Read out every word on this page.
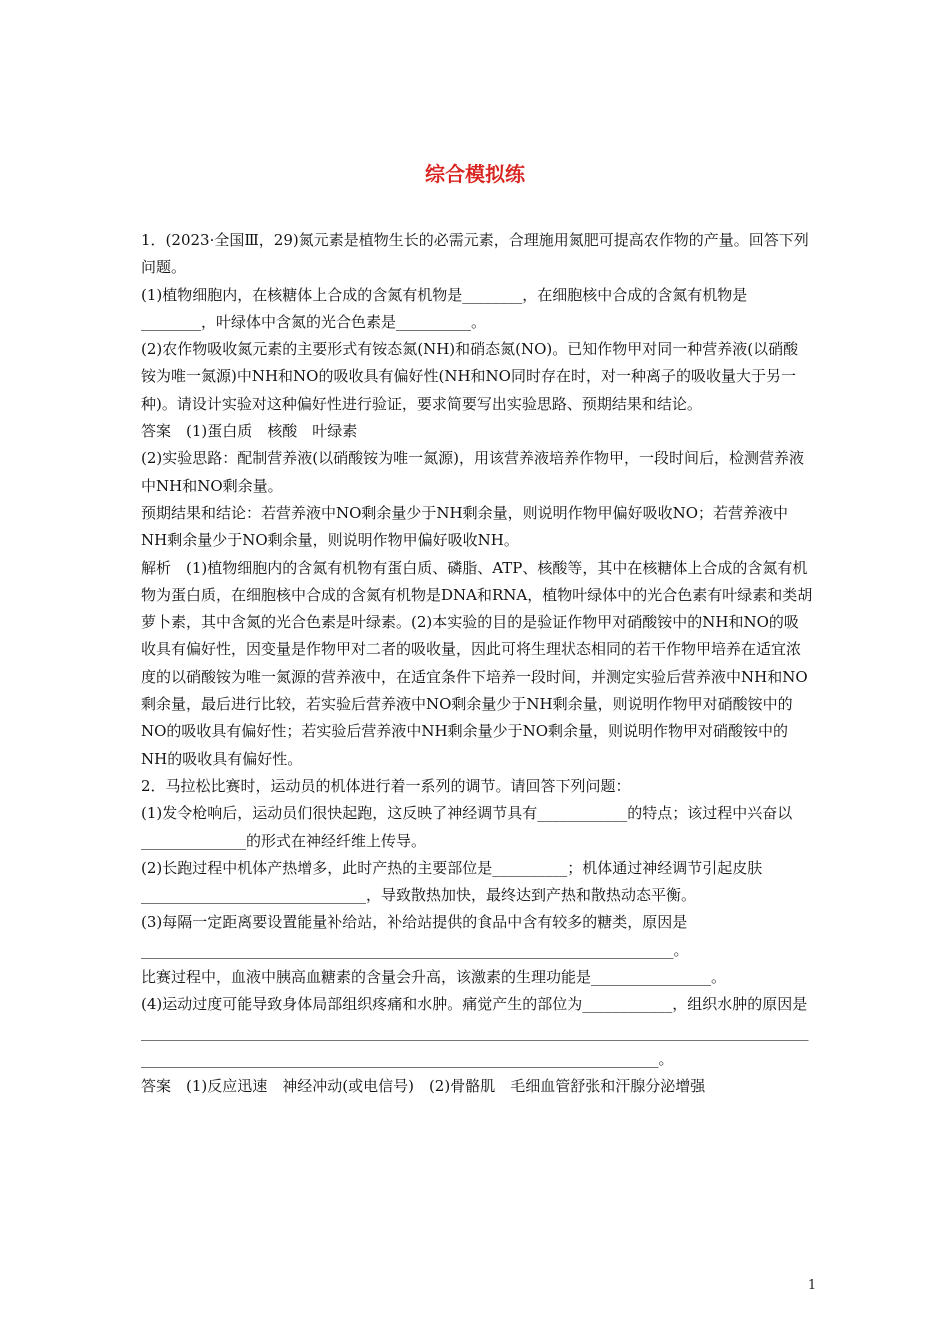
综合模拟练

1．(2023·全国Ⅲ，29)氮元素是植物生长的必需元素，合理施用氮肥可提高农作物的产量。回答下列问题。

(1)植物细胞内，在核糖体上合成的含氮有机物是________，在细胞核中合成的含氮有机物是________，叶绿体中含氮的光合色素是__________。

(2)农作物吸收氮元素的主要形式有铵态氮(NH)和硝态氮(NO)。已知作物甲对同一种营养液(以硝酸铵为唯一氮源)中NH和NO的吸收具有偏好性(NH和NO同时存在时，对一种离子的吸收量大于另一种)。请设计实验对这种偏好性进行验证，要求简要写出实验思路、预期结果和结论。

答案　(1)蛋白质　核酸　叶绿素

(2)实验思路：配制营养液(以硝酸铵为唯一氮源)，用该营养液培养作物甲，一段时间后，检测营养液中NH和NO剩余量。

预期结果和结论：若营养液中NO剩余量少于NH剩余量，则说明作物甲偏好吸收NO；若营养液中NH剩余量少于NO剩余量，则说明作物甲偏好吸收NH。

解析　(1)植物细胞内的含氮有机物有蛋白质、磷脂、ATP、核酸等，其中在核糖体上合成的含氮有机物为蛋白质，在细胞核中合成的含氮有机物是DNA和RNA，植物叶绿体中的光合色素有叶绿素和类胡萝卜素，其中含氮的光合色素是叶绿素。(2)本实验的目的是验证作物甲对硝酸铵中的NH和NO的吸收具有偏好性，因变量是作物甲对二者的吸收量，因此可将生理状态相同的若干作物甲培养在适宜浓度的以硝酸铵为唯一氮源的营养液中，在适宜条件下培养一段时间，并测定实验后营养液中NH和NO剩余量，最后进行比较，若实验后营养液中NO剩余量少于NH剩余量，则说明作物甲对硝酸铵中的NO的吸收具有偏好性；若实验后营养液中NH剩余量少于NO剩余量，则说明作物甲对硝酸铵中的NH的吸收具有偏好性。

2．马拉松比赛时，运动员的机体进行着一系列的调节。请回答下列问题：

(1)发令枪响后，运动员们很快起跑，这反映了神经调节具有____________的特点；该过程中兴奋以______________的形式在神经纤维上传导。

(2)长跑过程中机体产热增多，此时产热的主要部位是__________；机体通过神经调节引起皮肤______________________________，导致散热加快，最终达到产热和散热动态平衡。

(3)每隔一定距离要设置能量补给站，补给站提供的食品中含有较多的糖类，原因是_______________________________________________________________________。

比赛过程中，血液中胰高血糖素的含量会升高，该激素的生理功能是________________。

(4)运动过度可能导致身体局部组织疼痛和水肿。痛觉产生的部位为____________，组织水肿的原因是______________________________________________________________________________________________________________________________________________________________。

答案　(1)反应迅速　神经冲动(或电信号)　(2)骨骼肌　毛细血管舒张和汗腺分泌增强

1
